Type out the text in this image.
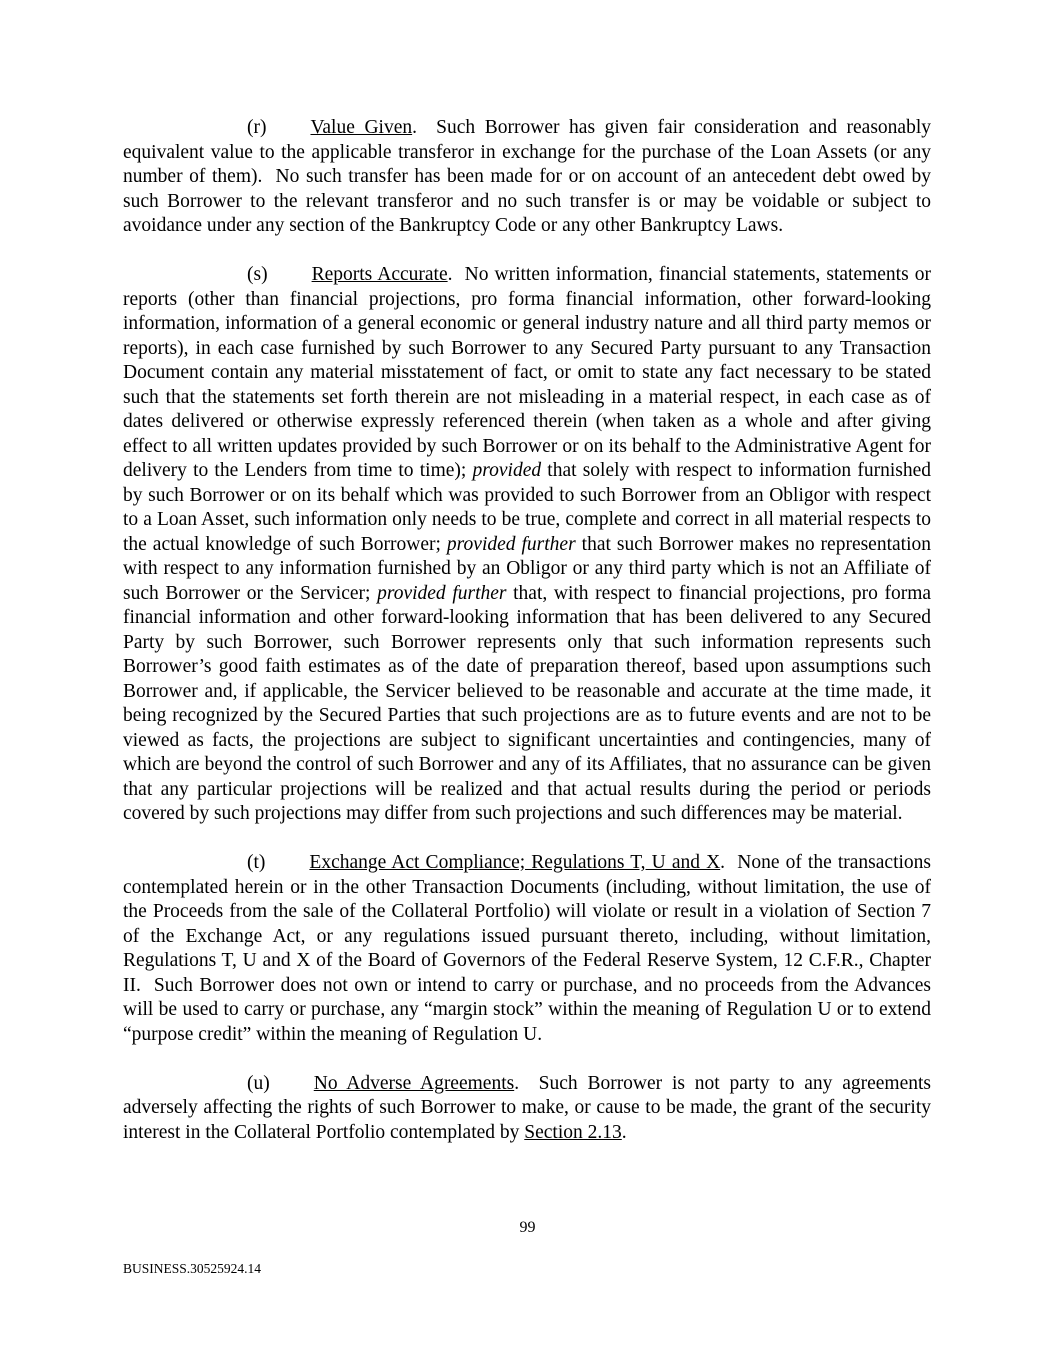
(r) Value Given.  Such Borrower has given fair consideration and reasonably equivalent value to the applicable transferor in exchange for the purchase of the Loan Assets (or any number of them).  No such transfer has been made for or on account of an antecedent debt owed by such Borrower to the relevant transferor and no such transfer is or may be voidable or subject to avoidance under any section of the Bankruptcy Code or any other Bankruptcy Laws.

(s) Reports Accurate.  No written information, financial statements, statements or reports (other than financial projections, pro forma financial information, other forward-looking information, information of a general economic or general industry nature and all third party memos or reports), in each case furnished by such Borrower to any Secured Party pursuant to any Transaction Document contain any material misstatement of fact, or omit to state any fact necessary to be stated such that the statements set forth therein are not misleading in a material respect, in each case as of dates delivered or otherwise expressly referenced therein (when taken as a whole and after giving effect to all written updates provided by such Borrower or on its behalf to the Administrative Agent for delivery to the Lenders from time to time); provided that solely with respect to information furnished by such Borrower or on its behalf which was provided to such Borrower from an Obligor with respect to a Loan Asset, such information only needs to be true, complete and correct in all material respects to the actual knowledge of such Borrower; provided further that such Borrower makes no representation with respect to any information furnished by an Obligor or any third party which is not an Affiliate of such Borrower or the Servicer; provided further that, with respect to financial projections, pro forma financial information and other forward-looking information that has been delivered to any Secured Party by such Borrower, such Borrower represents only that such information represents such Borrower’s good faith estimates as of the date of preparation thereof, based upon assumptions such Borrower and, if applicable, the Servicer believed to be reasonable and accurate at the time made, it being recognized by the Secured Parties that such projections are as to future events and are not to be viewed as facts, the projections are subject to significant uncertainties and contingencies, many of which are beyond the control of such Borrower and any of its Affiliates, that no assurance can be given that any particular projections will be realized and that actual results during the period or periods covered by such projections may differ from such projections and such differences may be material.

(t) Exchange Act Compliance; Regulations T, U and X.  None of the transactions contemplated herein or in the other Transaction Documents (including, without limitation, the use of the Proceeds from the sale of the Collateral Portfolio) will violate or result in a violation of Section 7 of the Exchange Act, or any regulations issued pursuant thereto, including, without limitation, Regulations T, U and X of the Board of Governors of the Federal Reserve System, 12 C.F.R., Chapter II.  Such Borrower does not own or intend to carry or purchase, and no proceeds from the Advances will be used to carry or purchase, any “margin stock” within the meaning of Regulation U or to extend “purpose credit” within the meaning of Regulation U.

(u) No Adverse Agreements.  Such Borrower is not party to any agreements adversely affecting the rights of such Borrower to make, or cause to be made, the grant of the security interest in the Collateral Portfolio contemplated by Section 2.13.

99
BUSINESS.30525924.14
